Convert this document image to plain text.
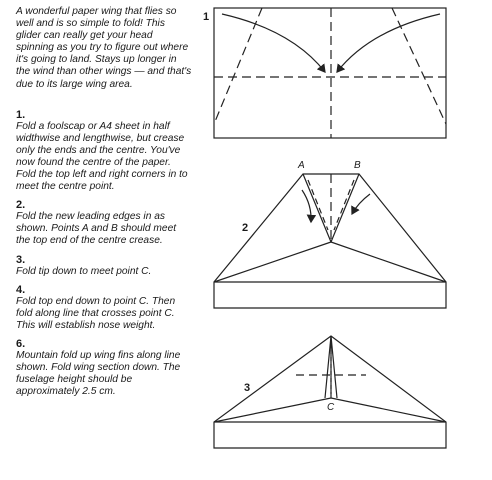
A wonderful paper wing that flies so well and is so simple to fold! This glider can really get your head spinning as you try to figure out where it's going to land. Stays up longer in the wind than other wings — and that's due to its large wing area.

1.
Fold a foolscap or A4 sheet in half widthwise and lengthwise, but crease only the ends and the centre. You've now found the centre of the paper. Fold the top left and right corners in to meet the centre point.
2.
Fold the new leading edges in as shown. Points A and B should meet the top end of the centre crease.
3.
Fold tip down to meet point C.
4.
Fold top end down to point C. Then fold along line that crosses point C. This will establish nose weight.
6.
Mountain fold up wing fins along line shown. Fold wing section down. The fuselage height should be approximately 2.5 cm.
1
2
3
A	B
C
